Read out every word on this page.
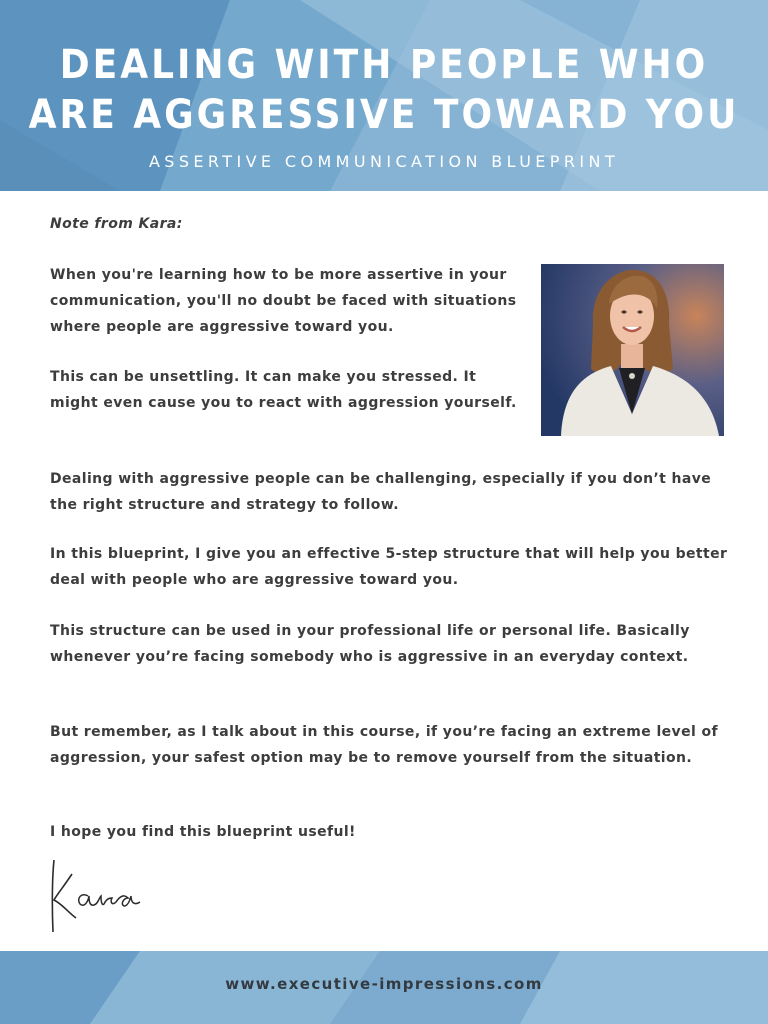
DEALING WITH PEOPLE WHO
ARE AGGRESSIVE TOWARD YOU
ASSERTIVE COMMUNICATION BLUEPRINT
Note from Kara:

When you're learning how to be more assertive in your communication, you'll no doubt be faced with situations where people are aggressive toward you.

This can be unsettling. It can make you stressed. It might even cause you to react with aggression yourself.

Dealing with aggressive people can be challenging, especially if you don’t have the right structure and strategy to follow.

In this blueprint, I give you an effective 5-step structure that will help you better deal with people who are aggressive toward you.

This structure can be used in your professional life or personal life. Basically whenever you’re facing somebody who is aggressive in an everyday context.

But remember, as I talk about in this course, if you’re facing an extreme level of aggression, your safest option may be to remove yourself from the situation.

I hope you find this blueprint useful!

www.executive-impressions.com
